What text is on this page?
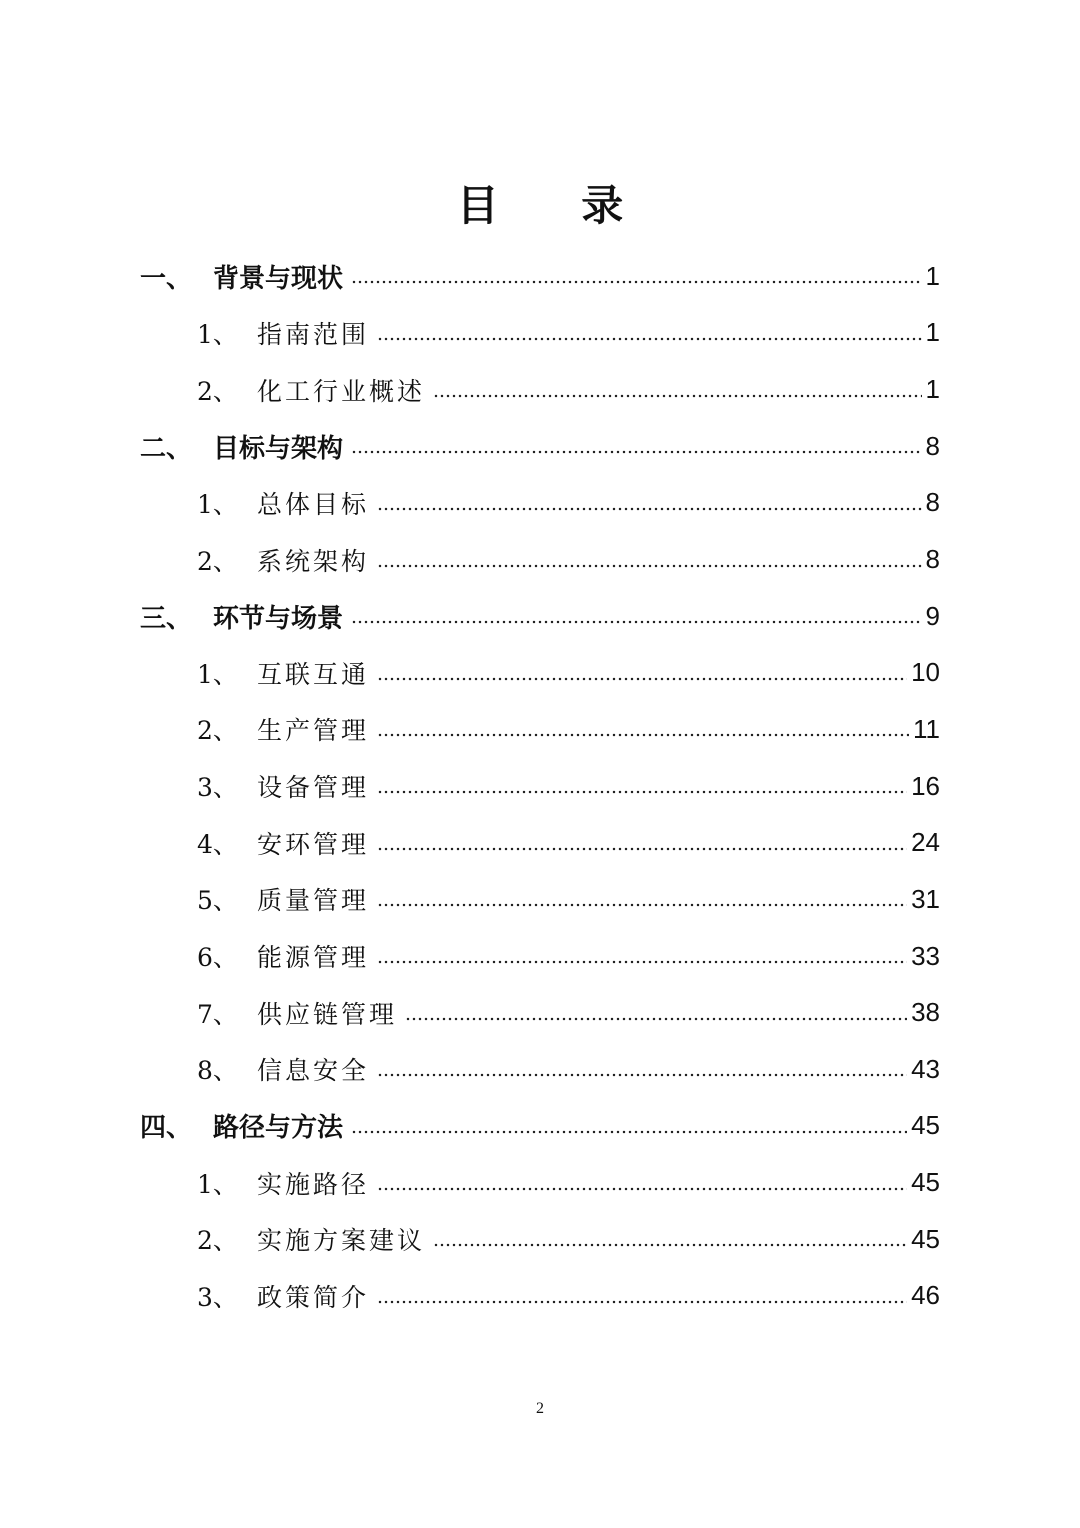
目 录
一、 背景与现状	1
1、 指南范围	1
2、 化工行业概述	1
二、 目标与架构	8
1、 总体目标	8
2、 系统架构	8
三、 环节与场景	9
1、 互联互通	10
2、 生产管理	11
3、 设备管理	16
4、 安环管理	24
5、 质量管理	31
6、 能源管理	33
7、 供应链管理	38
8、 信息安全	43
四、 路径与方法	45
1、 实施路径	45
2、 实施方案建议	45
3、 政策简介	46
2
